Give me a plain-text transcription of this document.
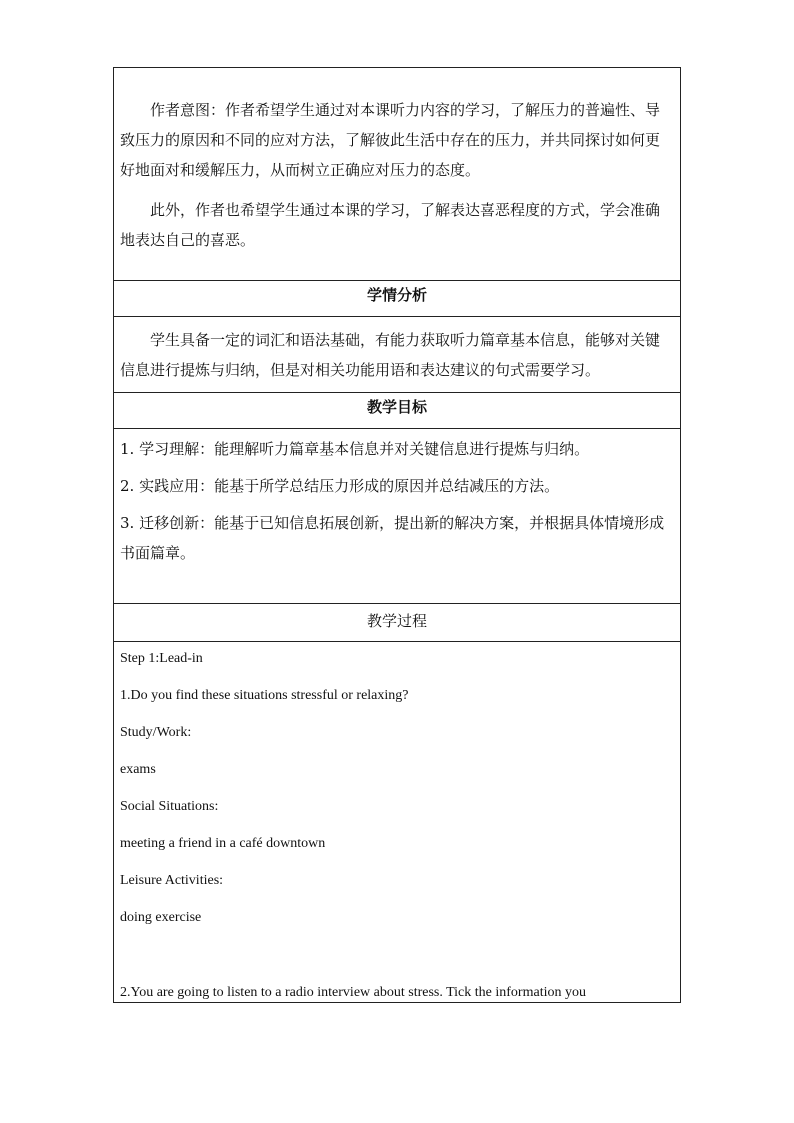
作者意图：作者希望学生通过对本课听力内容的学习，了解压力的普遍性、导致压力的原因和不同的应对方法，了解彼此生活中存在的压力，并共同探讨如何更好地面对和缓解压力，从而树立正确应对压力的态度。

此外，作者也希望学生通过本课的学习，了解表达喜恶程度的方式，学会准确地表达自己的喜恶。

学情分析

学生具备一定的词汇和语法基础，有能力获取听力篇章基本信息，能够对关键信息进行提炼与归纳，但是对相关功能用语和表达建议的句式需要学习。

教学目标

1. 学习理解：能理解听力篇章基本信息并对关键信息进行提炼与归纳。

2. 实践应用：能基于所学总结压力形成的原因并总结减压的方法。

3. 迁移创新：能基于已知信息拓展创新，提出新的解决方案，并根据具体情境形成书面篇章。

教学过程

Step 1:Lead-in

1.Do you find these situations stressful or relaxing?

Study/Work:

exams

Social Situations:

meeting a friend in a café downtown

Leisure Activities:

doing exercise

2.You are going to listen to a radio interview about stress. Tick the information you
